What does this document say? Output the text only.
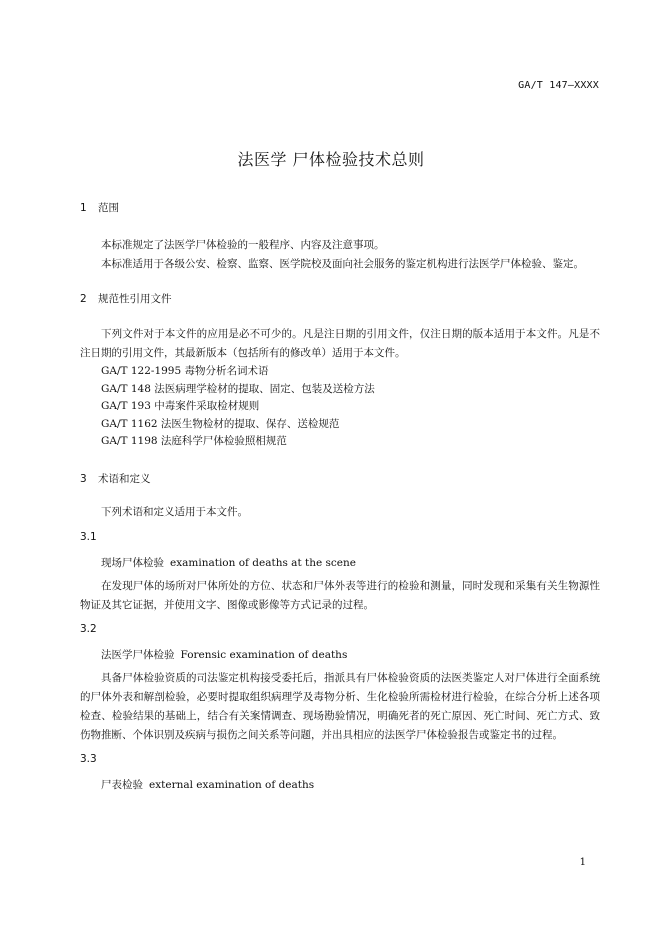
GA/T 147—XXXX
法医学 尸体检验技术总则

1 范围

本标准规定了法医学尸体检验的一般程序、内容及注意事项。

本标准适用于各级公安、检察、监察、医学院校及面向社会服务的鉴定机构进行法医学尸体检验、鉴定。

2 规范性引用文件

下列文件对于本文件的应用是必不可少的。凡是注日期的引用文件，仅注日期的版本适用于本文件。凡是不注日期的引用文件，其最新版本（包括所有的修改单）适用于本文件。

GA/T 122-1995 毒物分析名词术语

GA/T 148 法医病理学检材的提取、固定、包装及送检方法

GA/T 193 中毒案件采取检材规则

GA/T 1162 法医生物检材的提取、保存、送检规范

GA/T 1198 法庭科学尸体检验照相规范

3 术语和定义

下列术语和定义适用于本文件。

3.1

现场尸体检验 examination of deaths at the scene

在发现尸体的场所对尸体所处的方位、状态和尸体外表等进行的检验和测量，同时发现和采集有关生物源性物证及其它证据，并使用文字、图像或影像等方式记录的过程。

3.2

法医学尸体检验 Forensic examination of deaths

具备尸体检验资质的司法鉴定机构接受委托后，指派具有尸体检验资质的法医类鉴定人对尸体进行全面系统的尸体外表和解剖检验，必要时提取组织病理学及毒物分析、生化检验所需检材进行检验，在综合分析上述各项检查、检验结果的基础上，结合有关案情调查、现场勘验情况，明确死者的死亡原因、死亡时间、死亡方式、致伤物推断、个体识别及疾病与损伤之间关系等问题，并出具相应的法医学尸体检验报告或鉴定书的过程。

3.3

尸表检验 external examination of deaths

1
